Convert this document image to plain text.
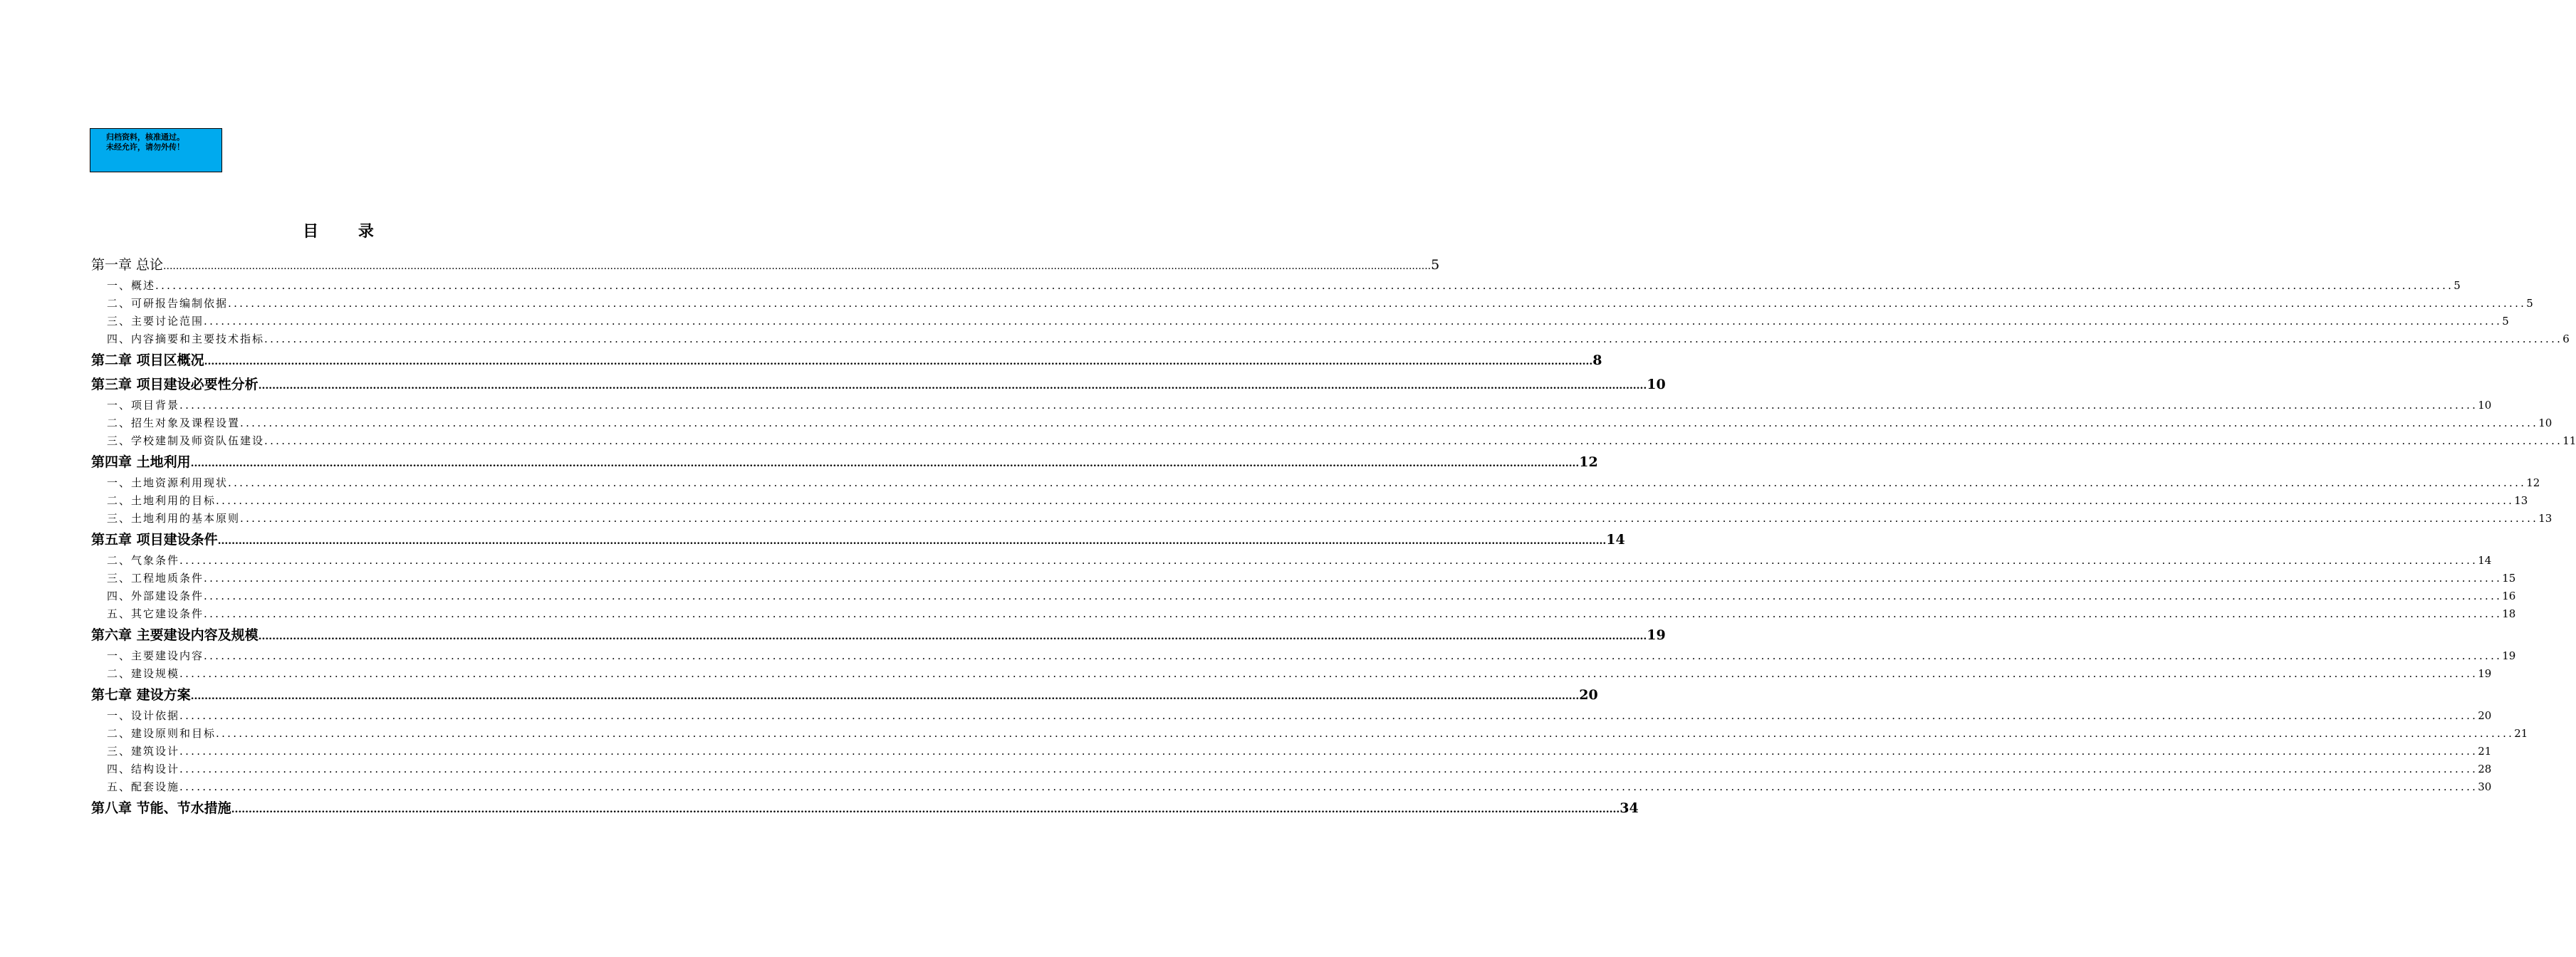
归档资料，核准通过。
未经允许，请勿外传！
目 录
第一章 总论 ................................................................................................................................................................................................................................................................................................................................................................................................................ 5
一、概述 ................................................................................................................................................................................................................................................................................................................................................................................................................ 5
二、可研报告编制依据 ................................................................................................................................................................................................................................................................................................................................................................................................................ 5
三、主要讨论范围 ................................................................................................................................................................................................................................................................................................................................................................................................................ 5
四、内容摘要和主要技术指标 ................................................................................................................................................................................................................................................................................................................................................................................................................ 6
第二章 项目区概况 ................................................................................................................................................................................................................................................................................................................................................................................................................ 8
第三章 项目建设必要性分析 ................................................................................................................................................................................................................................................................................................................................................................................................................ 10
一、项目背景 ................................................................................................................................................................................................................................................................................................................................................................................................................ 10
二、招生对象及课程设置 ................................................................................................................................................................................................................................................................................................................................................................................................................ 10
三、学校建制及师资队伍建设 ................................................................................................................................................................................................................................................................................................................................................................................................................ 11
第四章 土地利用 ................................................................................................................................................................................................................................................................................................................................................................................................................ 12
一、土地资源利用现状 ................................................................................................................................................................................................................................................................................................................................................................................................................ 12
二、土地利用的目标 ................................................................................................................................................................................................................................................................................................................................................................................................................ 13
三、土地利用的基本原则 ................................................................................................................................................................................................................................................................................................................................................................................................................ 13
第五章 项目建设条件 ................................................................................................................................................................................................................................................................................................................................................................................................................ 14
二、气象条件 ................................................................................................................................................................................................................................................................................................................................................................................................................ 14
三、工程地质条件 ................................................................................................................................................................................................................................................................................................................................................................................................................ 15
四、外部建设条件 ................................................................................................................................................................................................................................................................................................................................................................................................................ 16
五、其它建设条件 ................................................................................................................................................................................................................................................................................................................................................................................................................ 18
第六章 主要建设内容及规模 ................................................................................................................................................................................................................................................................................................................................................................................................................ 19
一、主要建设内容 ................................................................................................................................................................................................................................................................................................................................................................................................................ 19
二、建设规模 ................................................................................................................................................................................................................................................................................................................................................................................................................ 19
第七章 建设方案 ................................................................................................................................................................................................................................................................................................................................................................................................................ 20
一、设计依据 ................................................................................................................................................................................................................................................................................................................................................................................................................ 20
二、建设原则和目标 ................................................................................................................................................................................................................................................................................................................................................................................................................ 21
三、建筑设计 ................................................................................................................................................................................................................................................................................................................................................................................................................ 21
四、结构设计 ................................................................................................................................................................................................................................................................................................................................................................................................................ 28
五、配套设施 ................................................................................................................................................................................................................................................................................................................................................................................................................ 30
第八章 节能、节水措施 ................................................................................................................................................................................................................................................................................................................................................................................................................ 34
